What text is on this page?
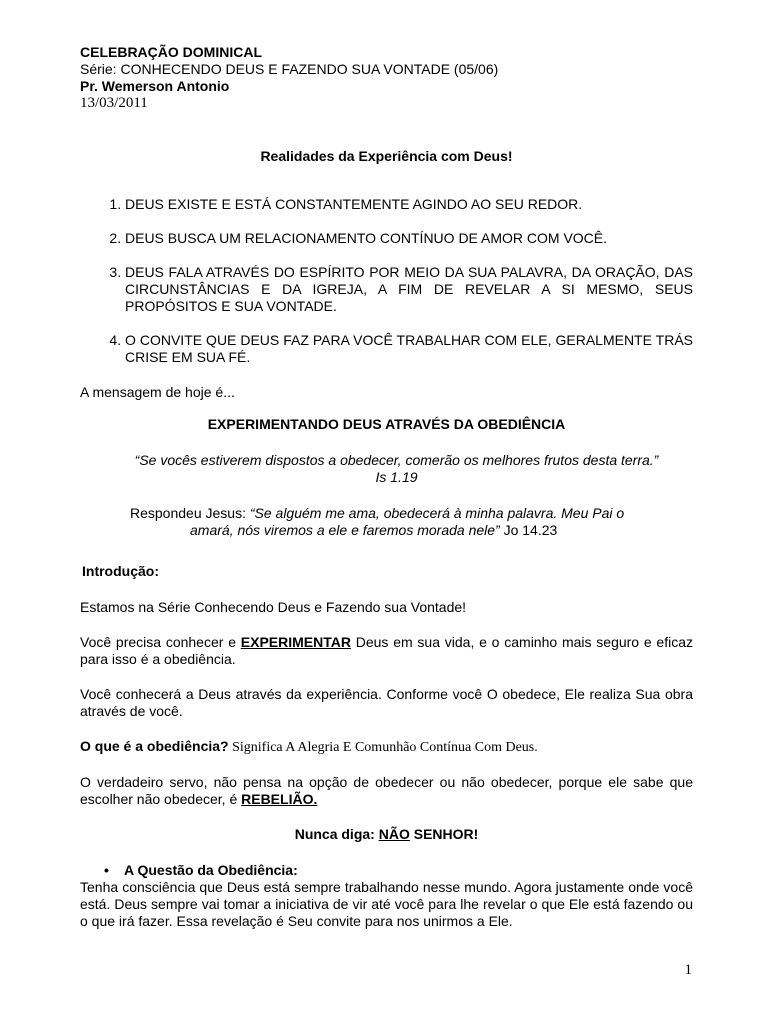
CELEBRAÇÃO DOMINICAL
Série: CONHECENDO DEUS E FAZENDO SUA VONTADE (05/06)
Pr. Wemerson Antonio
13/03/2011
Realidades da Experiência com Deus!
1. DEUS EXISTE E ESTÁ CONSTANTEMENTE AGINDO AO SEU REDOR.
2. DEUS BUSCA UM RELACIONAMENTO CONTÍNUO DE AMOR COM VOCÊ.
3. DEUS FALA ATRAVÉS DO ESPÍRITO POR MEIO DA SUA PALAVRA, DA ORAÇÃO, DAS CIRCUNSTÂNCIAS E DA IGREJA, A FIM DE REVELAR A SI MESMO, SEUS PROPÓSITOS E SUA VONTADE.
4. O CONVITE QUE DEUS FAZ PARA VOCÊ TRABALHAR COM ELE, GERALMENTE TRÁS CRISE EM SUA FÉ.
A mensagem de hoje é...
EXPERIMENTANDO DEUS ATRAVÉS DA OBEDIÊNCIA
“Se vocês estiverem dispostos a obedecer, comerão os melhores frutos desta terra.”
Is 1.19
Respondeu Jesus: “Se alguém me ama, obedecerá à minha palavra. Meu Pai o
amará, nós viremos a ele e faremos morada nele” Jo 14.23
Introdução:
Estamos na Série Conhecendo Deus e Fazendo sua Vontade!
Você precisa conhecer e EXPERIMENTAR Deus em sua vida, e o caminho mais seguro e eficaz para isso é a obediência.
Você conhecerá a Deus através da experiência. Conforme você O obedece, Ele realiza Sua obra através de você.
O que é a obediência? Significa A Alegria E Comunhão Contínua Com Deus.
O verdadeiro servo, não pensa na opção de obedecer ou não obedecer, porque ele sabe que escolher não obedecer, é REBELIÃO.
Nunca diga: NÃO SENHOR!
• A Questão da Obediência:
Tenha consciência que Deus está sempre trabalhando nesse mundo. Agora justamente onde você está. Deus sempre vai tomar a iniciativa de vir até você para lhe revelar o que Ele está fazendo ou o que irá fazer. Essa revelação é Seu convite para nos unirmos a Ele.
1
